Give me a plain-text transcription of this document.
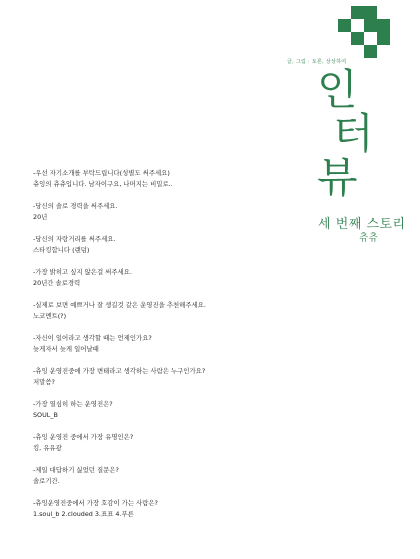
글, 그림 · 토론, 상상하여
인
터
뷰
세 번째 스토리
츄츄
-우선 자기소개를 부탁드립니다(성별도 써주세요)
츄잉의 츄츄입니다. 남자이구요, 나머지는 비밀로..
-당신의 솔로 경력을 써주세요.
20년
-당신의 자랑거리를 써주세요.
스타킹합니다 (랜덤)
-가장 밝히고 싶지 않은걸 써주세요.
20년간 솔로경력
-실제로 보면 예쁘거나 잘 생길것 같은 운영진을 추천해주세요.
노코멘트(?)
-자신이 일어라고 생각할 때는 언제인가요?
늦게자서 늦게 일어날때
-츄잉 운영진중에 가장 변태라고 생각하는 사람은 누구인가요?
저말씀?
-가장 열심히 하는 운영진은?
SOUL_B
-츄잉 운영진 중에서 가장 유명인은?
킹, 유유광
-제일 대답하기 싫었던 질문은?
솔로기간.
-츄잉운영진중에서 가장 호감이 가는 사람은?
1.soul_b 2.clouded 3.표표 4.푸른
